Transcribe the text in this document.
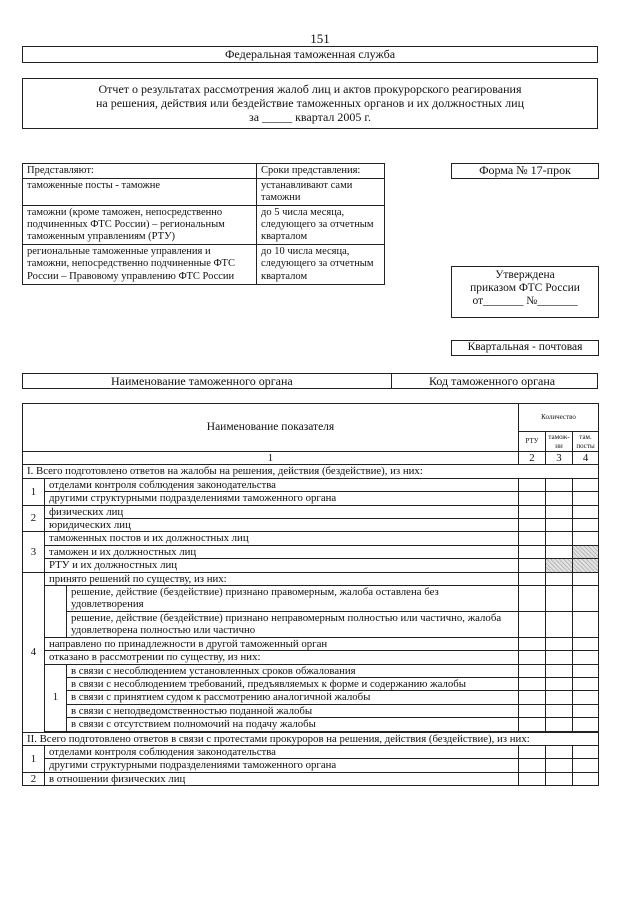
151
Федеральная таможенная служба
Отчет о результатах рассмотрения жалоб лиц и актов прокурорского реагирования
на решения, действия или бездействие таможенных органов и их должностных лиц
за _____ квартал 2005 г.
Представляют:	Сроки представления:
таможенные посты - таможне	устанавливают сами таможни
таможни (кроме таможен, непосредственно подчиненных ФТС России) – региональным таможенным управлениям (РТУ)	до 5 числа месяца, следующего за отчетным кварталом
региональные таможенные управления и таможни, непосредственно подчиненные ФТС России – Правовому управлению ФТС России	до 10 числа месяца, следующего за отчетным кварталом
Форма № 17-прок
Утверждена
приказом ФТС России
от_______ №_______
Квартальная - почтовая
Наименование таможенного органа	Код таможенного органа
Наименование показателя			Количество		
			РТУ	тамож-ни	там. посты
1			2	3	4
I. Всего подготовлено ответов на жалобы на решения, действия (бездействие), из них:					
1	отделами контроля соблюдения законодательства				
	другими структурными подразделениями таможенного органа				
2	физических лиц				
	юридических лиц				
3	таможенных постов и их должностных лиц				
	таможен и их должностных лиц				
	РТУ и их должностных лиц				
4	принято решений по существу, из них:				
		решение, действие (бездействие) признано правомерным, жалоба оставлена без удовлетворения			
		решение, действие (бездействие) признано неправомерным полностью или частично, жалоба удовлетворена полностью или частично			
	направлено по принадлежности в другой таможенный орган				
	отказано в рассмотрении по существу, из них:				
	1	в связи с несоблюдением установленных сроков обжалования			
		в связи с несоблюдением требований, предъявляемых к форме и содержанию жалобы			
		в связи с принятием судом к рассмотрению аналогичной жалобы			
		в связи с неподведомственностью поданной жалобы			
		в связи с отсутствием полномочий на подачу жалобы			

II. Всего подготовлено ответов в связи с протестами прокуроров на решения, действия (бездействие), из них:					
1	отделами контроля соблюдения законодательства				
	другими структурными подразделениями таможенного органа				
2	в отношении физических лиц				
